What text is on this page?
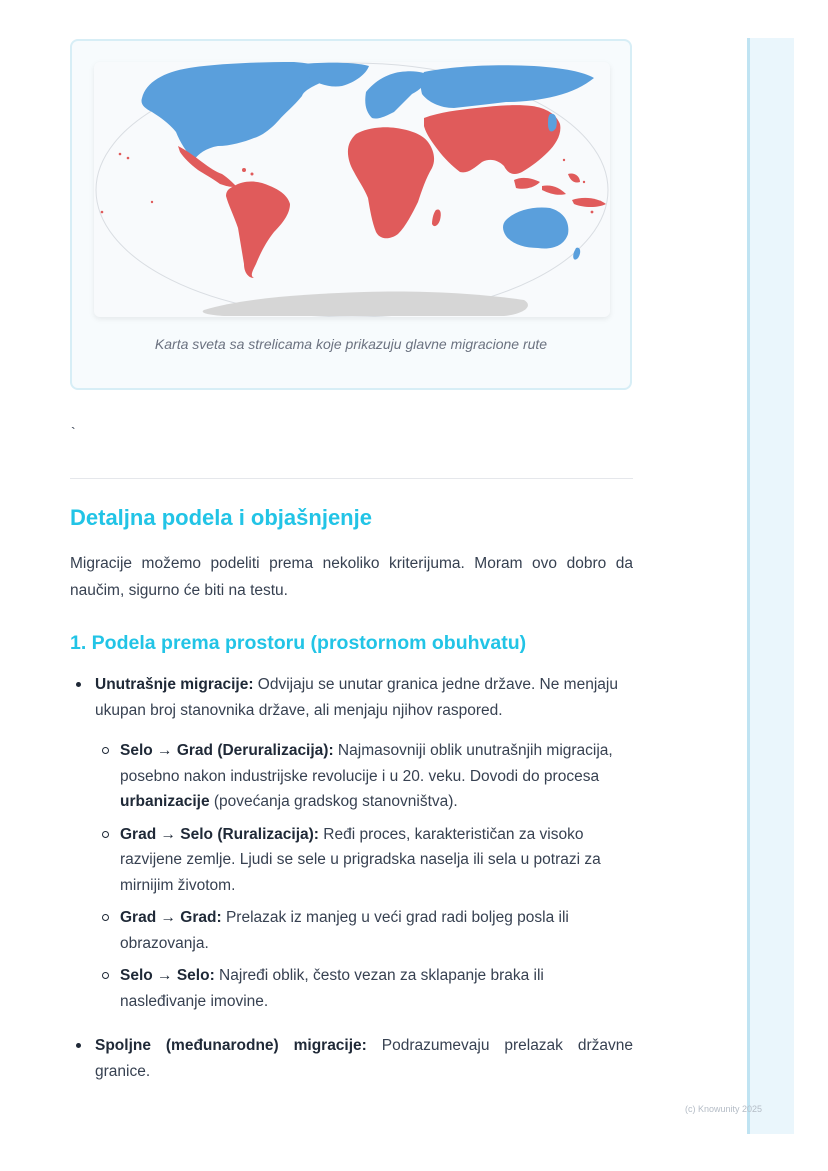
Karta sveta sa strelicama koje prikazuju glavne migracione rute
`
Detaljna podela i objašnjenje

Migracije možemo podeliti prema nekoliko kriterijuma. Moram ovo dobro da naučim, sigurno će biti na testu.

1. Podela prema prostoru (prostornom obuhvatu)
Unutrašnje migracije: Odvijaju se unutar granica jedne države. Ne menjaju ukupan broj stanovnika države, ali menjaju njihov raspored.
Selo → Grad (Deruralizacija): Najmasovniji oblik unutrašnjih migracija, posebno nakon industrijske revolucije i u 20. veku. Dovodi do procesa urbanizacije (povećanja gradskog stanovništva).
Grad → Selo (Ruralizacija): Ređi proces, karakterističan za visoko razvijene zemlje. Ljudi se sele u prigradska naselja ili sela u potrazi za mirnijim životom.
Grad → Grad: Prelazak iz manjeg u veći grad radi boljeg posla ili obrazovanja.
Selo → Selo: Najređi oblik, često vezan za sklapanje braka ili nasleđivanje imovine.
Spoljne (međunarodne) migracije: Podrazumevaju prelazak državne granice.
(c) Knowunity 2025
